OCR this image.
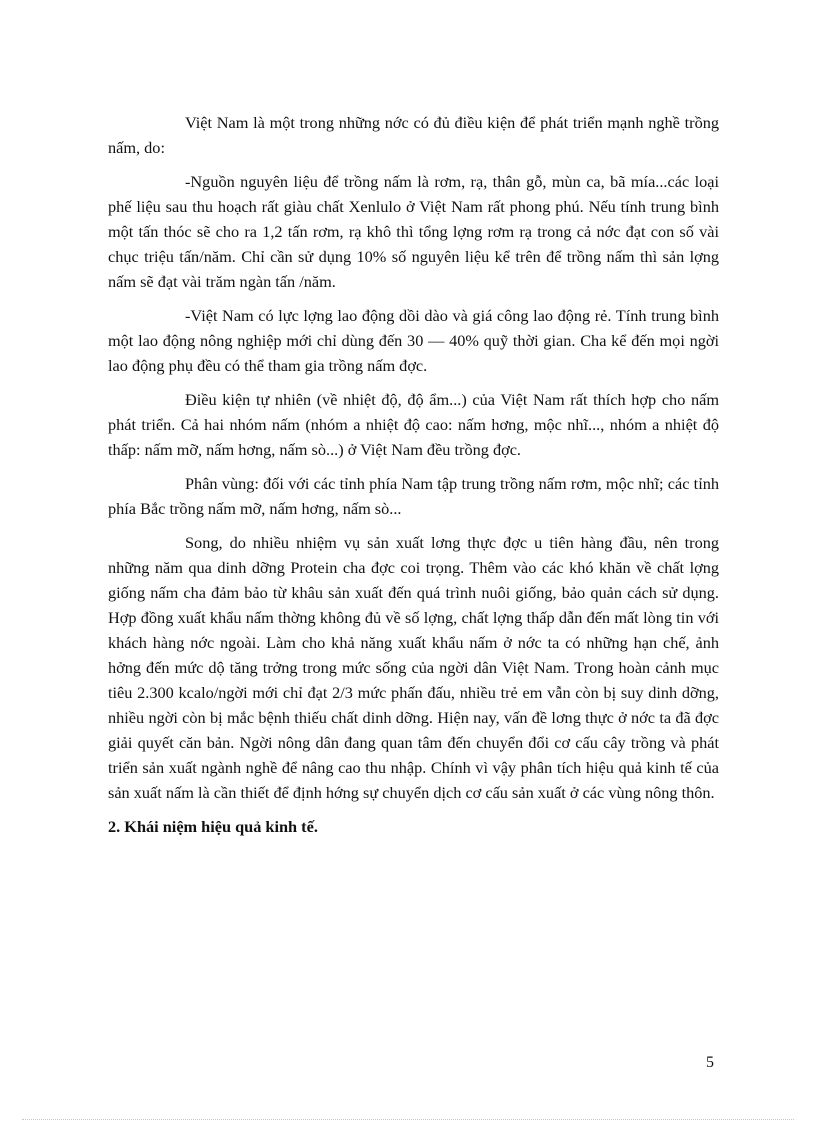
Việt Nam là một trong những nớc có đủ điều kiện để phát triển mạnh nghề trồng nấm, do:

-Nguồn nguyên liệu để trồng nấm là rơm, rạ, thân gỗ, mùn ca, bã mía...các loại phế liệu sau thu hoạch rất giàu chất Xenlulo ở Việt Nam rất phong phú. Nếu tính trung bình một tấn thóc sẽ cho ra 1,2 tấn rơm, rạ khô thì tổng lợng rơm rạ trong cả nớc đạt con số vài chục triệu tấn/năm. Chỉ cần sử dụng 10% số nguyên liệu kể trên để trồng nấm thì sản lợng nấm sẽ đạt vài trăm ngàn tấn /năm.

-Việt Nam có lực lợng lao động dồi dào và giá công lao động rẻ. Tính trung bình một lao động nông nghiệp mới chỉ dùng đến 30 — 40% quỹ thời gian. Cha kể đến mọi ngời lao động phụ đều có thể tham gia trồng nấm đợc.

Điều kiện tự nhiên (về nhiệt độ, độ ẩm...) của Việt Nam rất thích hợp cho nấm phát triển. Cả hai nhóm nấm (nhóm a nhiệt độ cao: nấm hơng, mộc nhĩ..., nhóm a nhiệt độ thấp: nấm mỡ, nấm hơng, nấm sò...) ở Việt Nam đều trồng đợc.

Phân vùng: đối với các tỉnh phía Nam tập trung trồng nấm rơm, mộc nhĩ; các tỉnh phía Bắc trồng nấm mỡ, nấm hơng, nấm sò...

Song, do nhiều nhiệm vụ sản xuất lơng thực đợc u tiên hàng đầu, nên trong những năm qua dinh dỡng Protein cha đợc coi trọng. Thêm vào các khó khăn về chất lợng giống nấm cha đảm bảo từ khâu sản xuất đến quá trình nuôi giống, bảo quản cách sử dụng. Hợp đồng xuất khẩu nấm thờng không đủ về số lợng, chất lợng thấp dẫn đến mất lòng tin với khách hàng nớc ngoài. Làm cho khả năng xuất khẩu nấm ở nớc ta có những hạn chế, ảnh hởng đến mức dộ tăng trởng trong mức sống của ngời dân Việt Nam. Trong hoàn cảnh mục tiêu 2.300 kcalo/ngời mới chỉ đạt 2/3 mức phấn đấu, nhiều trẻ em vẫn còn bị suy dinh dỡng, nhiều ngời còn bị mắc bệnh thiếu chất dinh dỡng. Hiện nay, vấn đề lơng thực ở nớc ta đã đợc giải quyết căn bản. Ngời nông dân đang quan tâm đến chuyển đổi cơ cấu cây trồng và phát triển sản xuất ngành nghề để nâng cao thu nhập. Chính vì vậy phân tích hiệu quả kinh tế của sản xuất nấm là cần thiết để định hớng sự chuyển dịch cơ cấu sản xuất ở các vùng nông thôn.

2. Khái niệm hiệu quả kinh tế.
5
